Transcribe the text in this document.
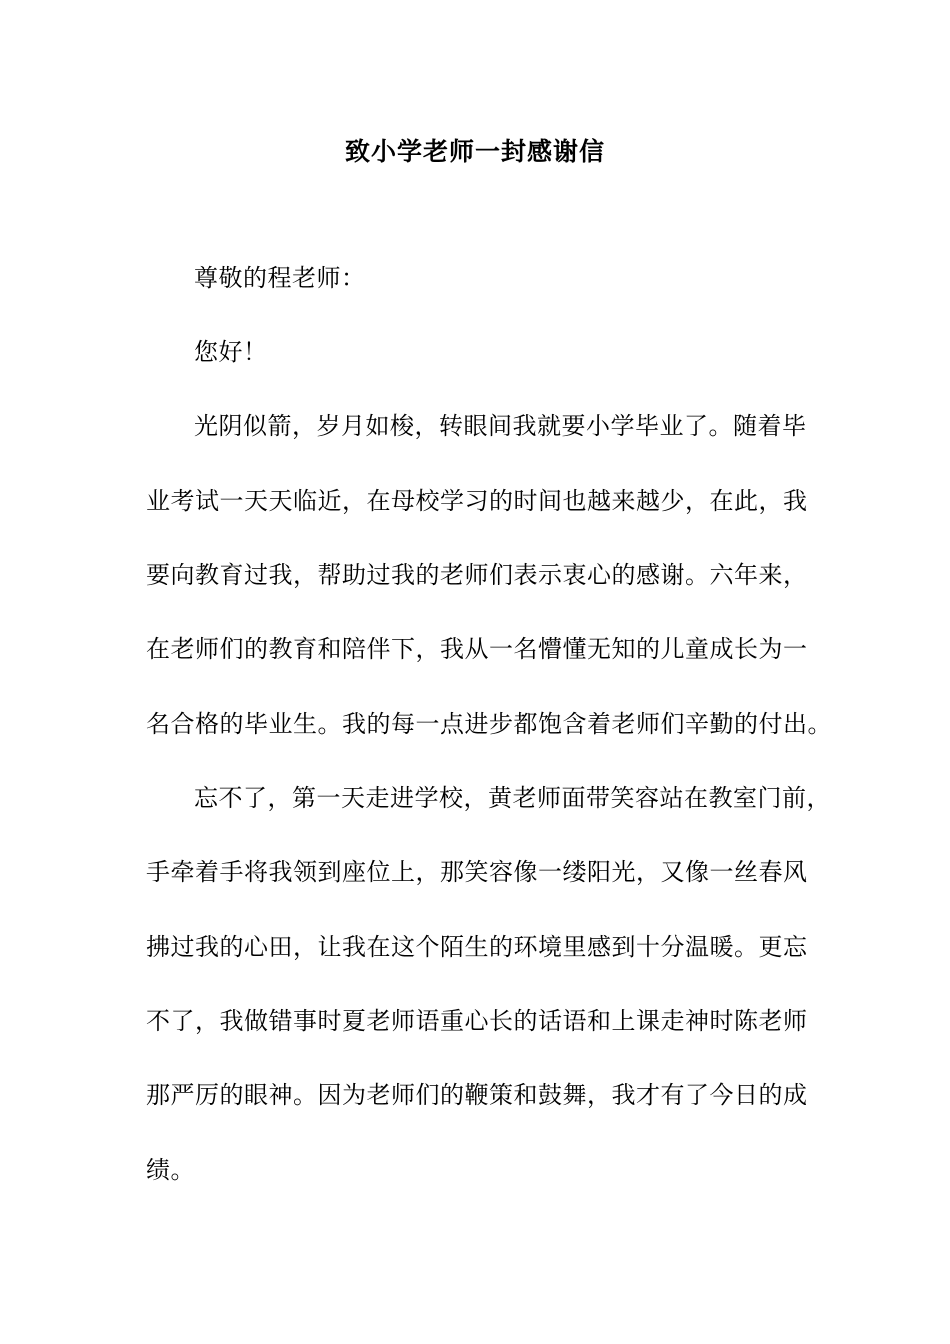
致小学老师一封感谢信
尊敬的程老师：
您好！
光阴似箭，岁月如梭，转眼间我就要小学毕业了。随着毕
业考试一天天临近，在母校学习的时间也越来越少，在此，我
要向教育过我，帮助过我的老师们表示衷心的感谢。六年来，
在老师们的教育和陪伴下，我从一名懵懂无知的儿童成长为一
名合格的毕业生。我的每一点进步都饱含着老师们辛勤的付出。
忘不了，第一天走进学校，黄老师面带笑容站在教室门前，
手牵着手将我领到座位上，那笑容像一缕阳光，又像一丝春风
拂过我的心田，让我在这个陌生的环境里感到十分温暖。更忘
不了，我做错事时夏老师语重心长的话语和上课走神时陈老师
那严厉的眼神。因为老师们的鞭策和鼓舞，我才有了今日的成
绩。
